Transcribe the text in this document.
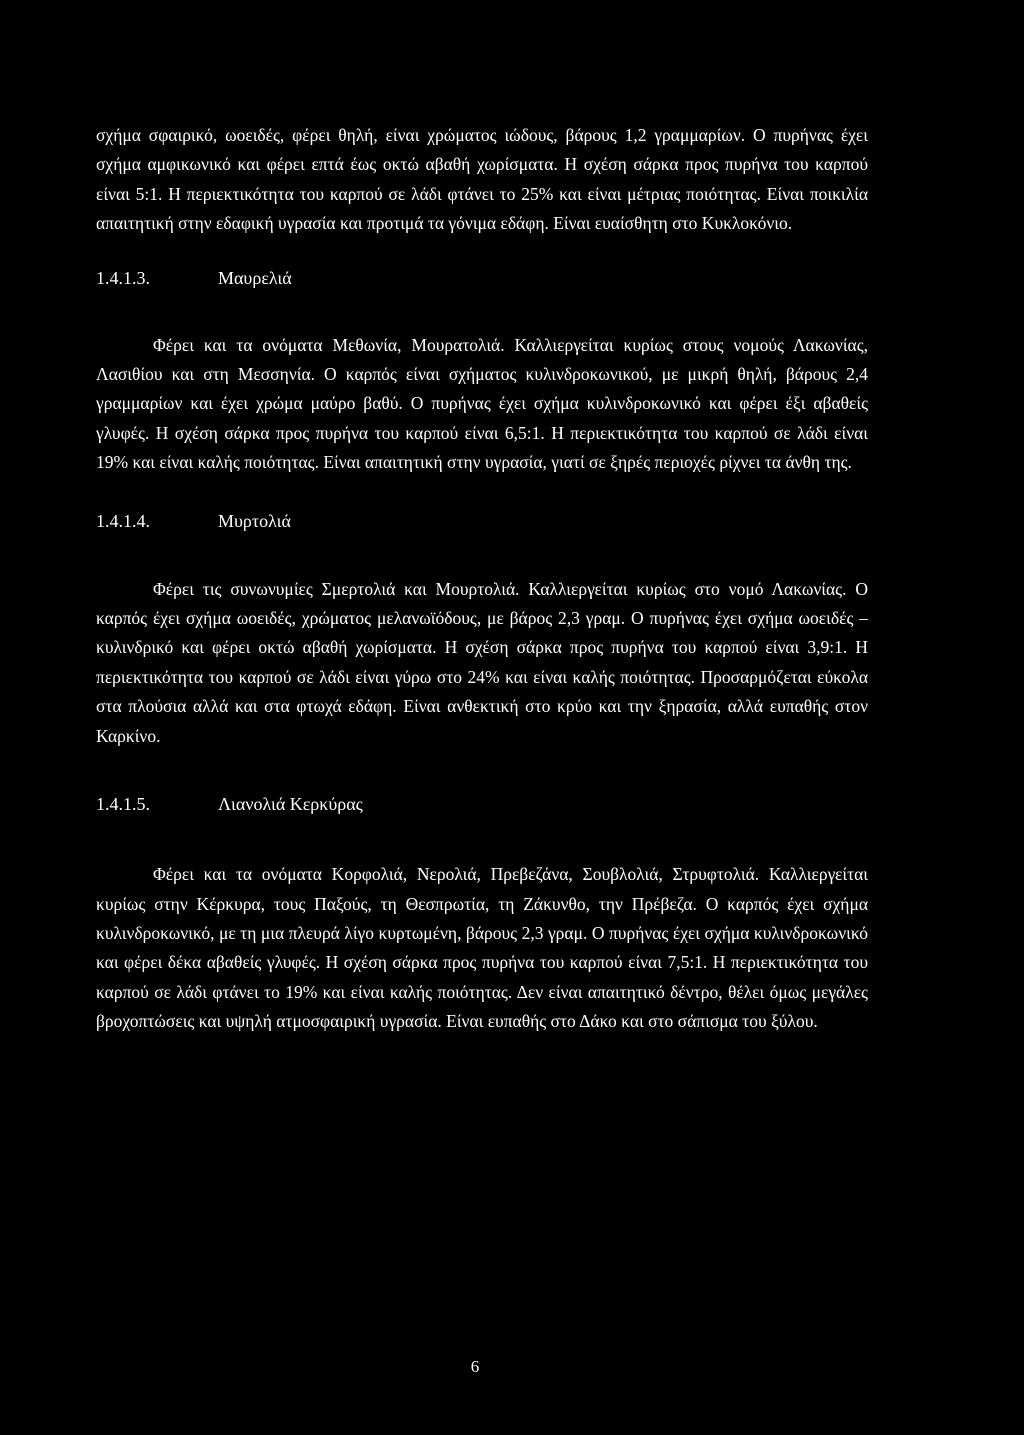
σχήμα σφαιρικό, ωοειδές, φέρει θηλή, είναι χρώματος ιώδους, βάρους 1,2 γραμμαρίων. Ο πυρήνας έχει σχήμα αμφικωνικό και φέρει επτά έως οκτώ αβαθή χωρίσματα. Η σχέση σάρκα προς πυρήνα του καρπού είναι 5:1. Η περιεκτικότητα του καρπού σε λάδι φτάνει το 25% και είναι μέτριας ποιότητας. Είναι ποικιλία απαιτητική στην εδαφική υγρασία και προτιμά τα γόνιμα εδάφη. Είναι ευαίσθητη στο Κυκλοκόνιο.

1.4.1.3.	Μαυρελιά

Φέρει και τα ονόματα Μεθωνία, Μουρατολιά. Καλλιεργείται κυρίως στους νομούς Λακωνίας, Λασιθίου και στη Μεσσηνία. Ο καρπός είναι σχήματος κυλινδροκωνικού, με μικρή θηλή, βάρους 2,4 γραμμαρίων και έχει χρώμα μαύρο βαθύ. Ο πυρήνας έχει σχήμα κυλινδροκωνικό και φέρει έξι αβαθείς γλυφές. Η σχέση σάρκα προς πυρήνα του καρπού είναι 6,5:1. Η περιεκτικότητα του καρπού σε λάδι είναι 19% και είναι καλής ποιότητας. Είναι απαιτητική στην υγρασία, γιατί σε ξηρές περιοχές ρίχνει τα άνθη της.

1.4.1.4.	Μυρτολιά

Φέρει τις συνωνυμίες Σμερτολιά και Μουρτολιά. Καλλιεργείται κυρίως στο νομό Λακωνίας. Ο καρπός έχει σχήμα ωοειδές, χρώματος μελανωϊόδους, με βάρος 2,3 γραμ. Ο πυρήνας έχει σχήμα ωοειδές – κυλινδρικό και φέρει οκτώ αβαθή χωρίσματα. Η σχέση σάρκα προς πυρήνα του καρπού είναι 3,9:1. Η περιεκτικότητα του καρπού σε λάδι είναι γύρω στο 24% και είναι καλής ποιότητας. Προσαρμόζεται εύκολα στα πλούσια αλλά και στα φτωχά εδάφη. Είναι ανθεκτική στο κρύο και την ξηρασία, αλλά ευπαθής στον Καρκίνο.

1.4.1.5.	Λιανολιά Κερκύρας

Φέρει και τα ονόματα Κορφολιά, Νερολιά, Πρεβεζάνα, Σουβλολιά, Στρυφτολιά. Καλλιεργείται κυρίως στην Κέρκυρα, τους Παξούς, τη Θεσπρωτία, τη Ζάκυνθο, την Πρέβεζα. Ο καρπός έχει σχήμα κυλινδροκωνικό, με τη μια πλευρά λίγο κυρτωμένη, βάρους 2,3 γραμ. Ο πυρήνας έχει σχήμα κυλινδροκωνικό και φέρει δέκα αβαθείς γλυφές. Η σχέση σάρκα προς πυρήνα του καρπού είναι 7,5:1. Η περιεκτικότητα του καρπού σε λάδι φτάνει το 19% και είναι καλής ποιότητας. Δεν είναι απαιτητικό δέντρο, θέλει όμως μεγάλες βροχοπτώσεις και υψηλή ατμοσφαιρική υγρασία. Είναι ευπαθής στο Δάκο και στο σάπισμα του ξύλου.

6
